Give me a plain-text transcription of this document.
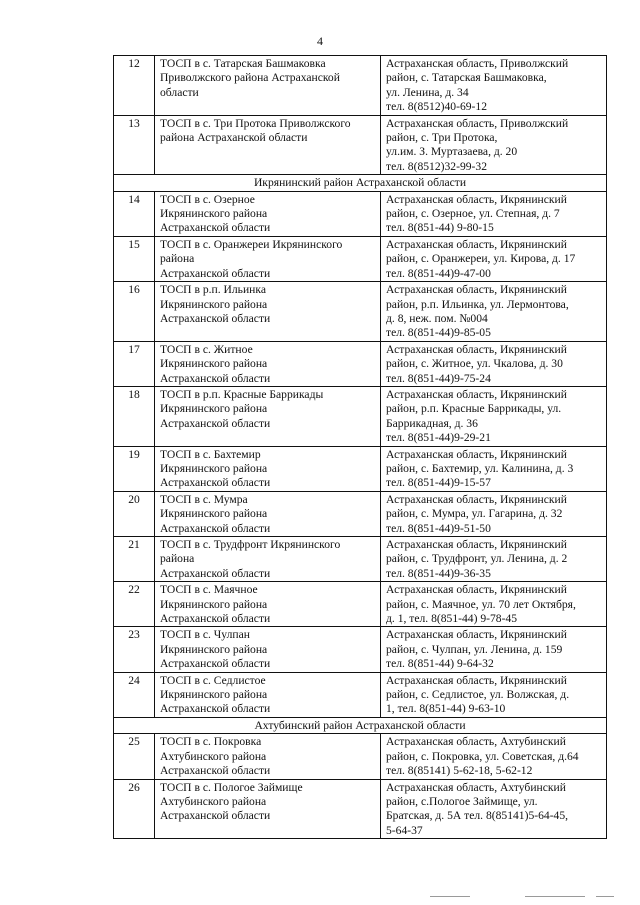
4
12	ТОСП в с. Татарская Башмаковка
Приволжского района Астраханской
области	Астраханская область, Приволжский
район, с. Татарская Башмаковка,
ул. Ленина, д. 34
тел. 8(8512)40-69-12
13	ТОСП в с. Три Протока Приволжского
района Астраханской области	Астраханская область, Приволжский
район, с. Три Протока,
ул.им. З. Муртазаева, д. 20
тел. 8(8512)32-99-32
Икрянинский район Астраханской области		
14	ТОСП в с. Озерное
Икрянинского района
Астраханской области	Астраханская область, Икрянинский
район, с. Озерное, ул. Степная, д. 7
тел. 8(851-44) 9-80-15
15	ТОСП в с. Оранжереи Икрянинского
района
Астраханской области	Астраханская область, Икрянинский
район, с. Оранжереи, ул. Кирова, д. 17
тел. 8(851-44)9-47-00
16	ТОСП в р.п. Ильинка
Икрянинского района
Астраханской области	Астраханская область, Икрянинский
район, р.п. Ильинка, ул. Лермонтова,
д. 8, неж. пом. №004
тел. 8(851-44)9-85-05
17	ТОСП в с. Житное
Икрянинского района
Астраханской области	Астраханская область, Икрянинский
район, с. Житное, ул. Чкалова, д. 30
тел. 8(851-44)9-75-24
18	ТОСП в р.п. Красные Баррикады
Икрянинского района
Астраханской области	Астраханская область, Икрянинский
район, р.п. Красные Баррикады, ул.
Баррикадная, д. 36
тел. 8(851-44)9-29-21
19	ТОСП в с. Бахтемир
Икрянинского района
Астраханской области	Астраханская область, Икрянинский
район, с. Бахтемир, ул. Калинина, д. 3
тел. 8(851-44)9-15-57
20	ТОСП в с. Мумра
Икрянинского района
Астраханской области	Астраханская область, Икрянинский
район, с. Мумра, ул. Гагарина, д. 32
тел. 8(851-44)9-51-50
21	ТОСП в с. Трудфронт Икрянинского
района
Астраханской области	Астраханская область, Икрянинский
район, с. Трудфронт, ул. Ленина, д. 2
тел. 8(851-44)9-36-35
22	ТОСП в с. Маячное
Икрянинского района
Астраханской области	Астраханская область, Икрянинский
район, с. Маячное, ул. 70 лет Октября,
д. 1, тел. 8(851-44) 9-78-45
23	ТОСП в с. Чулпан
Икрянинского района
Астраханской области	Астраханская область, Икрянинский
район, с. Чулпан, ул. Ленина, д. 159
тел. 8(851-44) 9-64-32
24	ТОСП в с. Седлистое
Икрянинского района
Астраханской области	Астраханская область, Икрянинский
район, с. Седлистое, ул. Волжская, д.
1, тел. 8(851-44) 9-63-10
Ахтубинский район Астраханской области		
25	ТОСП в с. Покровка
Ахтубинского района
Астраханской области	Астраханская область, Ахтубинский
район, с. Покровка, ул. Советская, д.64
тел. 8(85141) 5-62-18, 5-62-12
26	ТОСП в с. Пологое Займище
Ахтубинского района
Астраханской области	Астраханская область, Ахтубинский
район, с.Пологое Займище, ул.
Братская, д. 5А тел. 8(85141)5-64-45,
5-64-37
